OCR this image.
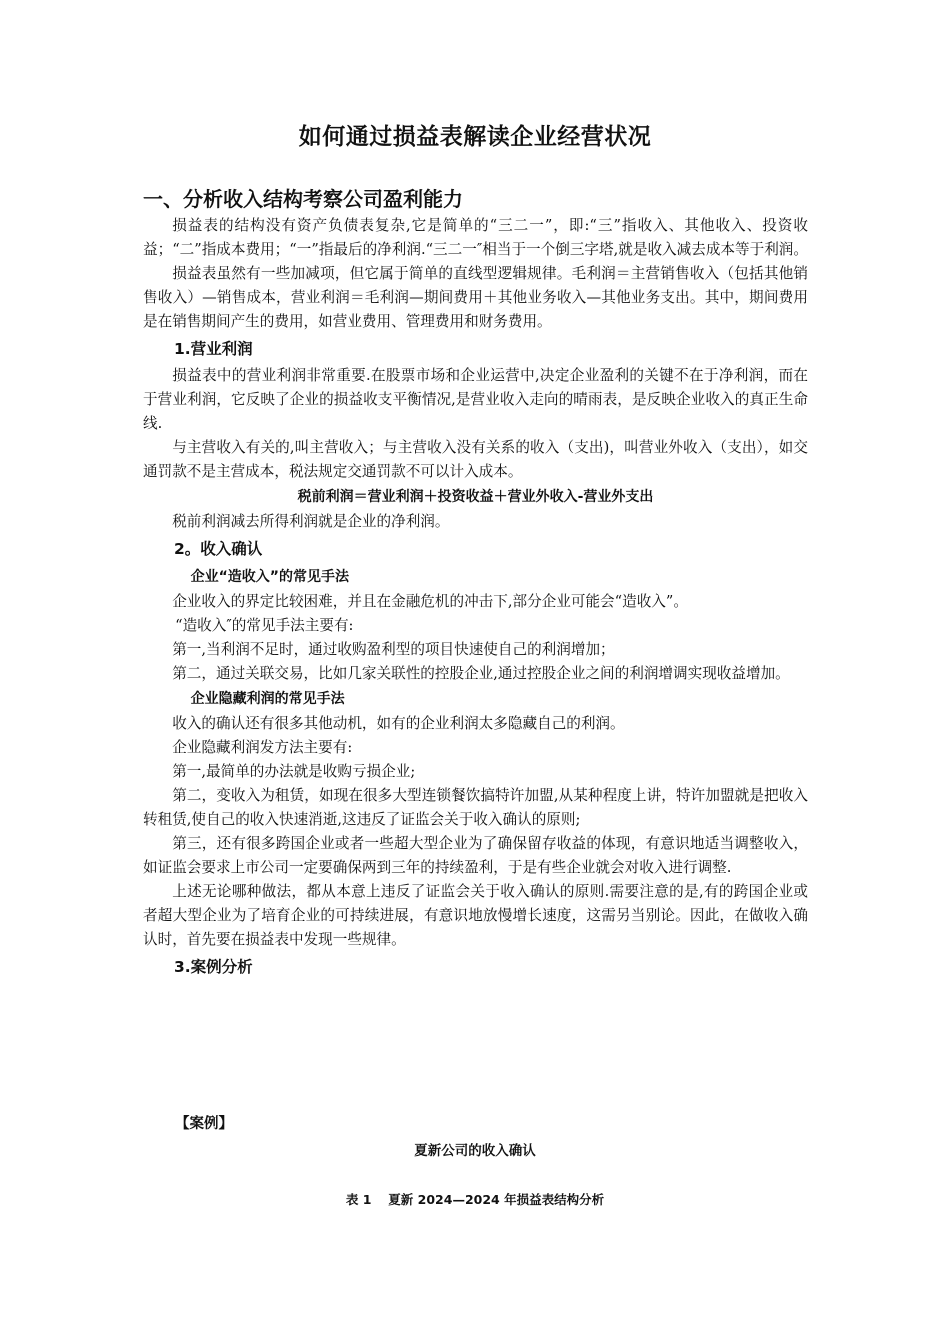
如何通过损益表解读企业经营状况
一、分析收入结构考察公司盈利能力

损益表的结构没有资产负债表复杂,它是简单的“三二一”，即:“三”指收入、其他收入、投资收益；“二”指成本费用；“一”指最后的净利润.“三二一″相当于一个倒三字塔,就是收入减去成本等于利润。

损益表虽然有一些加减项，但它属于简单的直线型逻辑规律。毛利润＝主营销售收入（包括其他销售收入）—销售成本，营业利润＝毛利润—期间费用＋其他业务收入—其他业务支出。其中，期间费用是在销售期间产生的费用，如营业费用、管理费用和财务费用。

1.营业利润

损益表中的营业利润非常重要.在股票市场和企业运营中,决定企业盈利的关键不在于净利润，而在于营业利润，它反映了企业的损益收支平衡情况,是营业收入走向的晴雨表，是反映企业收入的真正生命线.

与主营收入有关的,叫主营收入；与主营收入没有关系的收入（支出)，叫营业外收入（支出），如交通罚款不是主营成本，税法规定交通罚款不可以计入成本。

税前利润＝营业利润＋投资收益＋营业外收入-营业外支出

税前利润减去所得利润就是企业的净利润。

2。收入确认
企业“造收入”的常见手法

企业收入的界定比较困难，并且在金融危机的冲击下,部分企业可能会“造收入”。

“造收入″的常见手法主要有:

第一,当利润不足时，通过收购盈利型的项目快速使自己的利润增加；

第二，通过关联交易，比如几家关联性的控股企业,通过控股企业之间的利润增调实现收益增加。

企业隐藏利润的常见手法

收入的确认还有很多其他动机，如有的企业利润太多隐藏自己的利润。

企业隐藏利润发方法主要有:

第一,最简单的办法就是收购亏损企业;

第二，变收入为租赁，如现在很多大型连锁餐饮搞特许加盟,从某种程度上讲，特许加盟就是把收入转租赁,使自己的收入快速消逝,这违反了证监会关于收入确认的原则;

第三，还有很多跨国企业或者一些超大型企业为了确保留存收益的体现，有意识地适当调整收入，如证监会要求上市公司一定要确保两到三年的持续盈利，于是有些企业就会对收入进行调整.

上述无论哪种做法，都从本意上违反了证监会关于收入确认的原则.需要注意的是,有的跨国企业或者超大型企业为了培育企业的可持续进展，有意识地放慢增长速度，这需另当别论。因此，在做收入确认时，首先要在损益表中发现一些规律。

3.案例分析
【案例】
夏新公司的收入确认
表 1　 夏新 2024—2024 年损益表结构分析
